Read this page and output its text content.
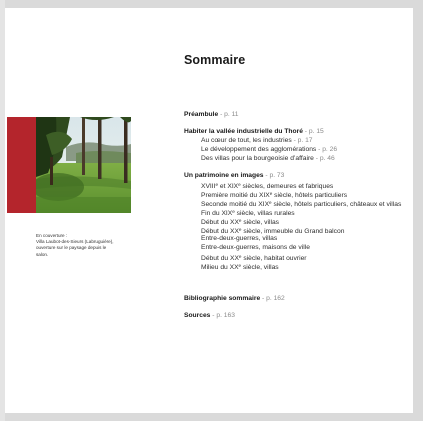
En couverture :
Villa Laubot-des-Sieurs (Labruguière),
ouverture sur le paysage depuis le
salon.
Sommaire
Préambule - p. 11
Habiter la vallée industrielle du Thoré - p. 15
Au cœur de tout, les industries - p. 17
Le développement des agglomérations - p. 26
Des villas pour la bourgeoisie d’affaire - p. 46
Un patrimoine en images - p. 73
XVIIIe et XIXe siècles, demeures et fabriques
Première moitié du XIXe siècle, hôtels particuliers
Seconde moitié du XIXe siècle, hôtels particuliers, châteaux et villas
Fin du XIXe siècle, villas rurales
Début du XXe siècle, villas
Début du XXe siècle, immeuble du Grand balcon
Entre-deux-guerres, villas
Entre-deux-guerres, maisons de ville
Début du XXe siècle, habitat ouvrier
Milieu du XXe siècle, villas
Bibliographie sommaire - p. 162
Sources - p. 163
